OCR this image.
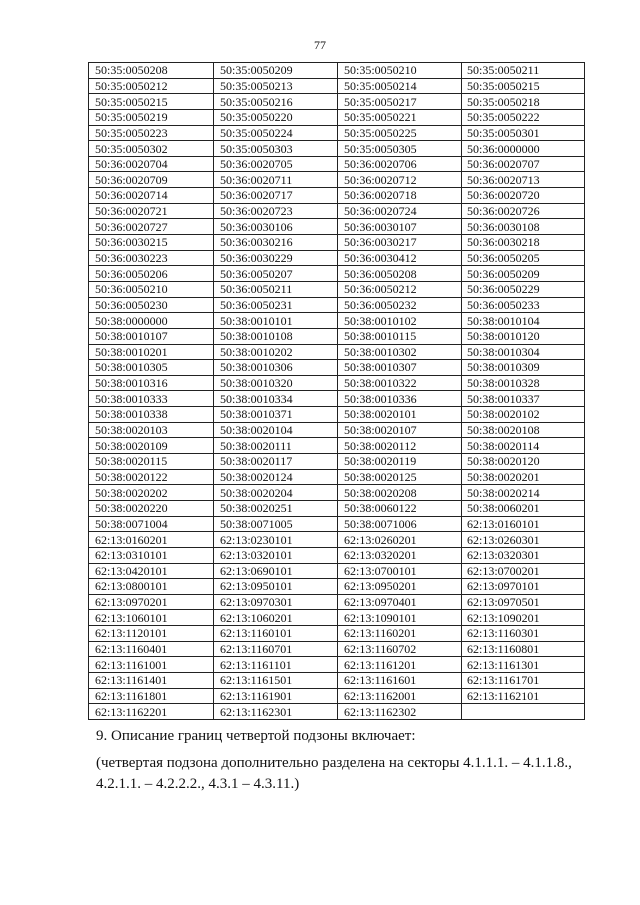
77
50:35:0050208	50:35:0050209	50:35:0050210	50:35:0050211
50:35:0050212	50:35:0050213	50:35:0050214	50:35:0050215
50:35:0050215	50:35:0050216	50:35:0050217	50:35:0050218
50:35:0050219	50:35:0050220	50:35:0050221	50:35:0050222
50:35:0050223	50:35:0050224	50:35:0050225	50:35:0050301
50:35:0050302	50:35:0050303	50:35:0050305	50:36:0000000
50:36:0020704	50:36:0020705	50:36:0020706	50:36:0020707
50:36:0020709	50:36:0020711	50:36:0020712	50:36:0020713
50:36:0020714	50:36:0020717	50:36:0020718	50:36:0020720
50:36:0020721	50:36:0020723	50:36:0020724	50:36:0020726
50:36:0020727	50:36:0030106	50:36:0030107	50:36:0030108
50:36:0030215	50:36:0030216	50:36:0030217	50:36:0030218
50:36:0030223	50:36:0030229	50:36:0030412	50:36:0050205
50:36:0050206	50:36:0050207	50:36:0050208	50:36:0050209
50:36:0050210	50:36:0050211	50:36:0050212	50:36:0050229
50:36:0050230	50:36:0050231	50:36:0050232	50:36:0050233
50:38:0000000	50:38:0010101	50:38:0010102	50:38:0010104
50:38:0010107	50:38:0010108	50:38:0010115	50:38:0010120
50:38:0010201	50:38:0010202	50:38:0010302	50:38:0010304
50:38:0010305	50:38:0010306	50:38:0010307	50:38:0010309
50:38:0010316	50:38:0010320	50:38:0010322	50:38:0010328
50:38:0010333	50:38:0010334	50:38:0010336	50:38:0010337
50:38:0010338	50:38:0010371	50:38:0020101	50:38:0020102
50:38:0020103	50:38:0020104	50:38:0020107	50:38:0020108
50:38:0020109	50:38:0020111	50:38:0020112	50:38:0020114
50:38:0020115	50:38:0020117	50:38:0020119	50:38:0020120
50:38:0020122	50:38:0020124	50:38:0020125	50:38:0020201
50:38:0020202	50:38:0020204	50:38:0020208	50:38:0020214
50:38:0020220	50:38:0020251	50:38:0060122	50:38:0060201
50:38:0071004	50:38:0071005	50:38:0071006	62:13:0160101
62:13:0160201	62:13:0230101	62:13:0260201	62:13:0260301
62:13:0310101	62:13:0320101	62:13:0320201	62:13:0320301
62:13:0420101	62:13:0690101	62:13:0700101	62:13:0700201
62:13:0800101	62:13:0950101	62:13:0950201	62:13:0970101
62:13:0970201	62:13:0970301	62:13:0970401	62:13:0970501
62:13:1060101	62:13:1060201	62:13:1090101	62:13:1090201
62:13:1120101	62:13:1160101	62:13:1160201	62:13:1160301
62:13:1160401	62:13:1160701	62:13:1160702	62:13:1160801
62:13:1161001	62:13:1161101	62:13:1161201	62:13:1161301
62:13:1161401	62:13:1161501	62:13:1161601	62:13:1161701
62:13:1161801	62:13:1161901	62:13:1162001	62:13:1162101
62:13:1162201	62:13:1162301	62:13:1162302	

9. Описание границ четвертой подзоны включает:

(четвертая подзона дополнительно разделена на секторы 4.1.1.1. – 4.1.1.8.,
4.2.1.1. – 4.2.2.2., 4.3.1 – 4.3.11.)
